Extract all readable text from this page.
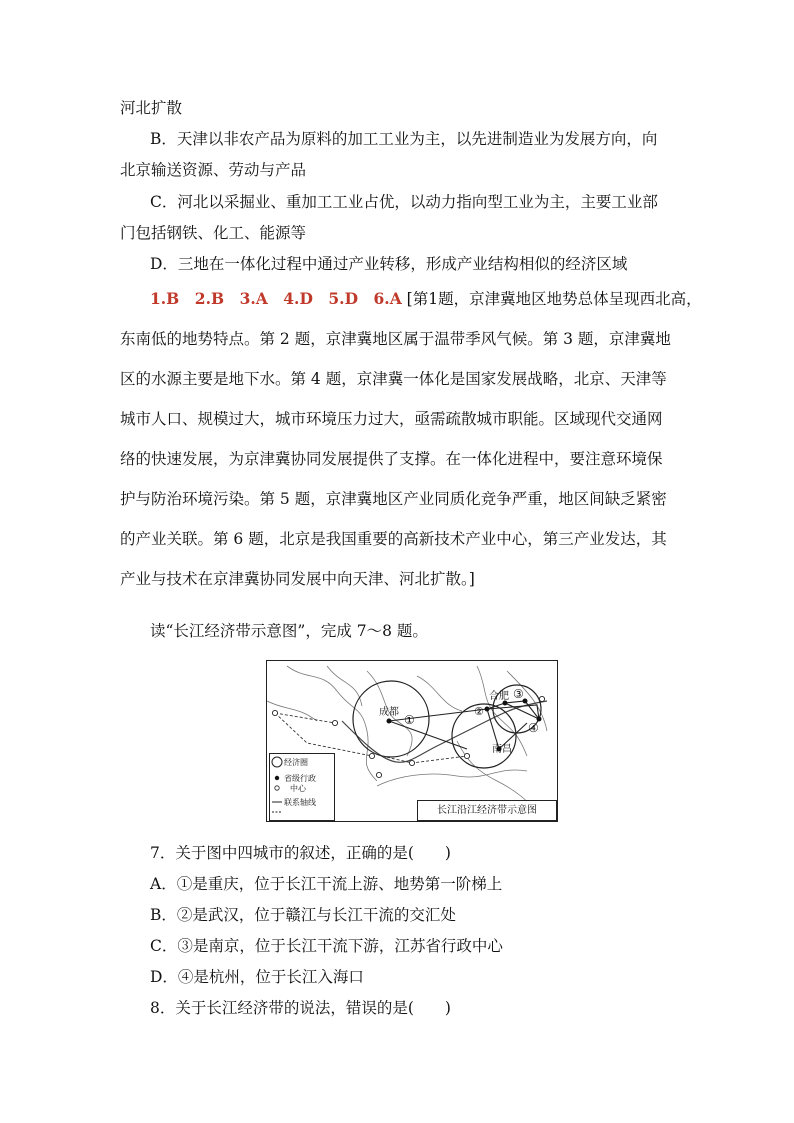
河北扩散
B．天津以非农产品为原料的加工工业为主，以先进制造业为发展方向，向
北京输送资源、劳动与产品
C．河北以采掘业、重加工工业占优，以动力指向型工业为主，主要工业部
门包括钢铁、化工、能源等
D．三地在一体化过程中通过产业转移，形成产业结构相似的经济区域
1.B　2.B　3.A　4.D　5.D　6.A [第1题，京津冀地区地势总体呈现西北高，
东南低的地势特点。第 2 题，京津冀地区属于温带季风气候。第 3 题，京津冀地
区的水源主要是地下水。第 4 题，京津冀一体化是国家发展战略，北京、天津等
城市人口、规模过大，城市环境压力过大，亟需疏散城市职能。区域现代交通网
络的快速发展，为京津冀协同发展提供了支撑。在一体化进程中，要注意环境保
护与防治环境污染。第 5 题，京津冀地区产业同质化竞争严重，地区间缺乏紧密
的产业关联。第 6 题，北京是我国重要的高新技术产业中心，第三产业发达，其
产业与技术在京津冀协同发展中向天津、河北扩散。]
读“长江经济带示意图”，完成 7～8 题。
成都
①
②
合肥 ③
④
南昌
经济圈
省级行政
中心
联系轴线
长江沿江经济带示意图
7．关于图中四城市的叙述，正确的是(　　)
A．①是重庆，位于长江干流上游、地势第一阶梯上
B．②是武汉，位于赣江与长江干流的交汇处
C．③是南京，位于长江干流下游，江苏省行政中心
D．④是杭州，位于长江入海口
8．关于长江经济带的说法，错误的是(　　)
